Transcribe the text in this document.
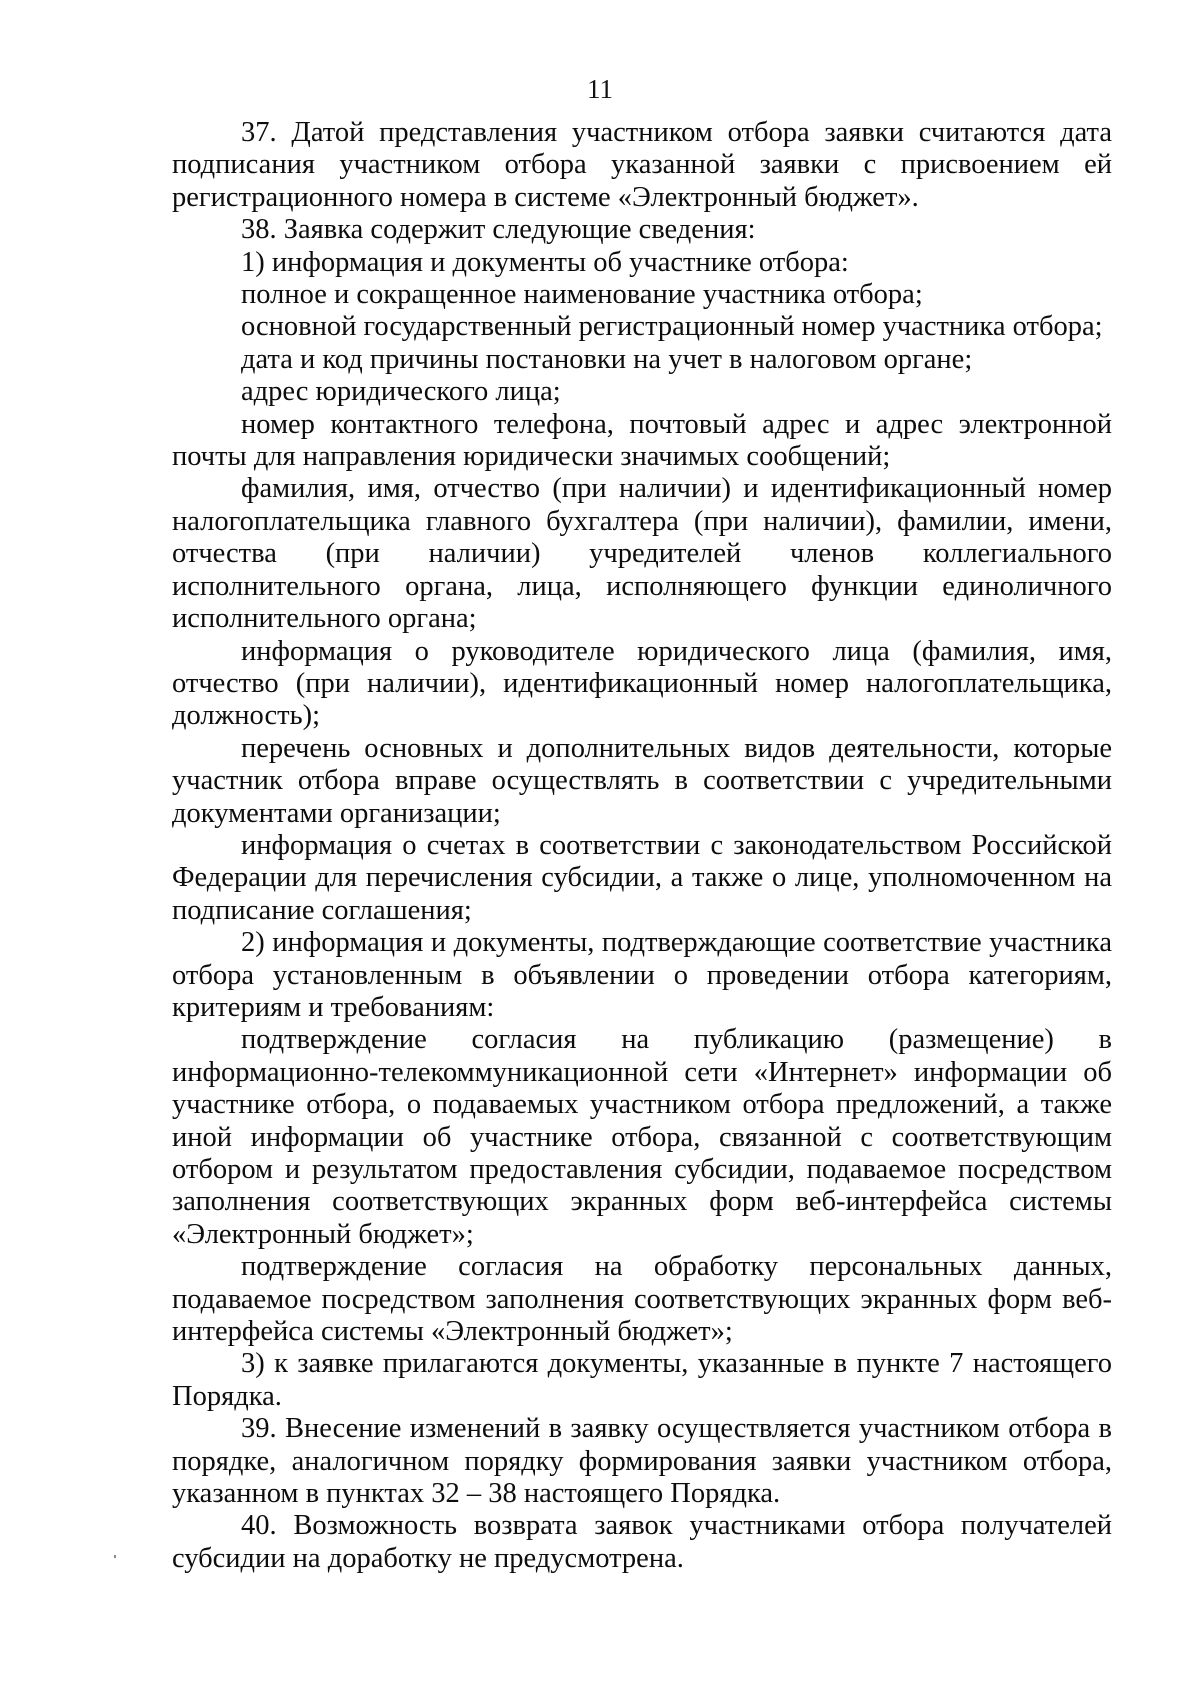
11

37. Датой представления участником отбора заявки считаются дата подписания участником отбора указанной заявки с присвоением ей регистрационного номера в системе «Электронный бюджет».

38. Заявка содержит следующие сведения:

1) информация и документы об участнике отбора:

полное и сокращенное наименование участника отбора;

основной государственный регистрационный номер участника отбора;

дата и код причины постановки на учет в налоговом органе;

адрес юридического лица;

номер контактного телефона, почтовый адрес и адрес электронной почты для направления юридически значимых сообщений;

фамилия, имя, отчество (при наличии) и идентификационный номер налогоплательщика главного бухгалтера (при наличии), фамилии, имени, отчества (при наличии) учредителей членов коллегиального исполнительного органа, лица, исполняющего функции единоличного исполнительного органа;

информация о руководителе юридического лица (фамилия, имя, отчество (при наличии), идентификационный номер налогоплательщика, должность);

перечень основных и дополнительных видов деятельности, которые участник отбора вправе осуществлять в соответствии с учредительными документами организации;

информация о счетах в соответствии с законодательством Российской Федерации для перечисления субсидии, а также о лице, уполномоченном на подписание соглашения;

2) информация и документы, подтверждающие соответствие участника отбора установленным в объявлении о проведении отбора категориям, критериям и требованиям:

подтверждение согласия на публикацию (размещение) в информационно-телекоммуникационной сети «Интернет» информации об участнике отбора, о подаваемых участником отбора предложений, а также иной информации об участнике отбора, связанной с соответствующим отбором и результатом предоставления субсидии, подаваемое посредством заполнения соответствующих экранных форм веб-интерфейса системы «Электронный бюджет»;

подтверждение согласия на обработку персональных данных, подаваемое посредством заполнения соответствующих экранных форм веб-интерфейса системы «Электронный бюджет»;

3) к заявке прилагаются документы, указанные в пункте 7 настоящего Порядка.

39. Внесение изменений в заявку осуществляется участником отбора в порядке, аналогичном порядку формирования заявки участником отбора, указанном в пунктах 32 – 38 настоящего Порядка.

40. Возможность возврата заявок участниками отбора получателей субсидии на доработку не предусмотрена.
